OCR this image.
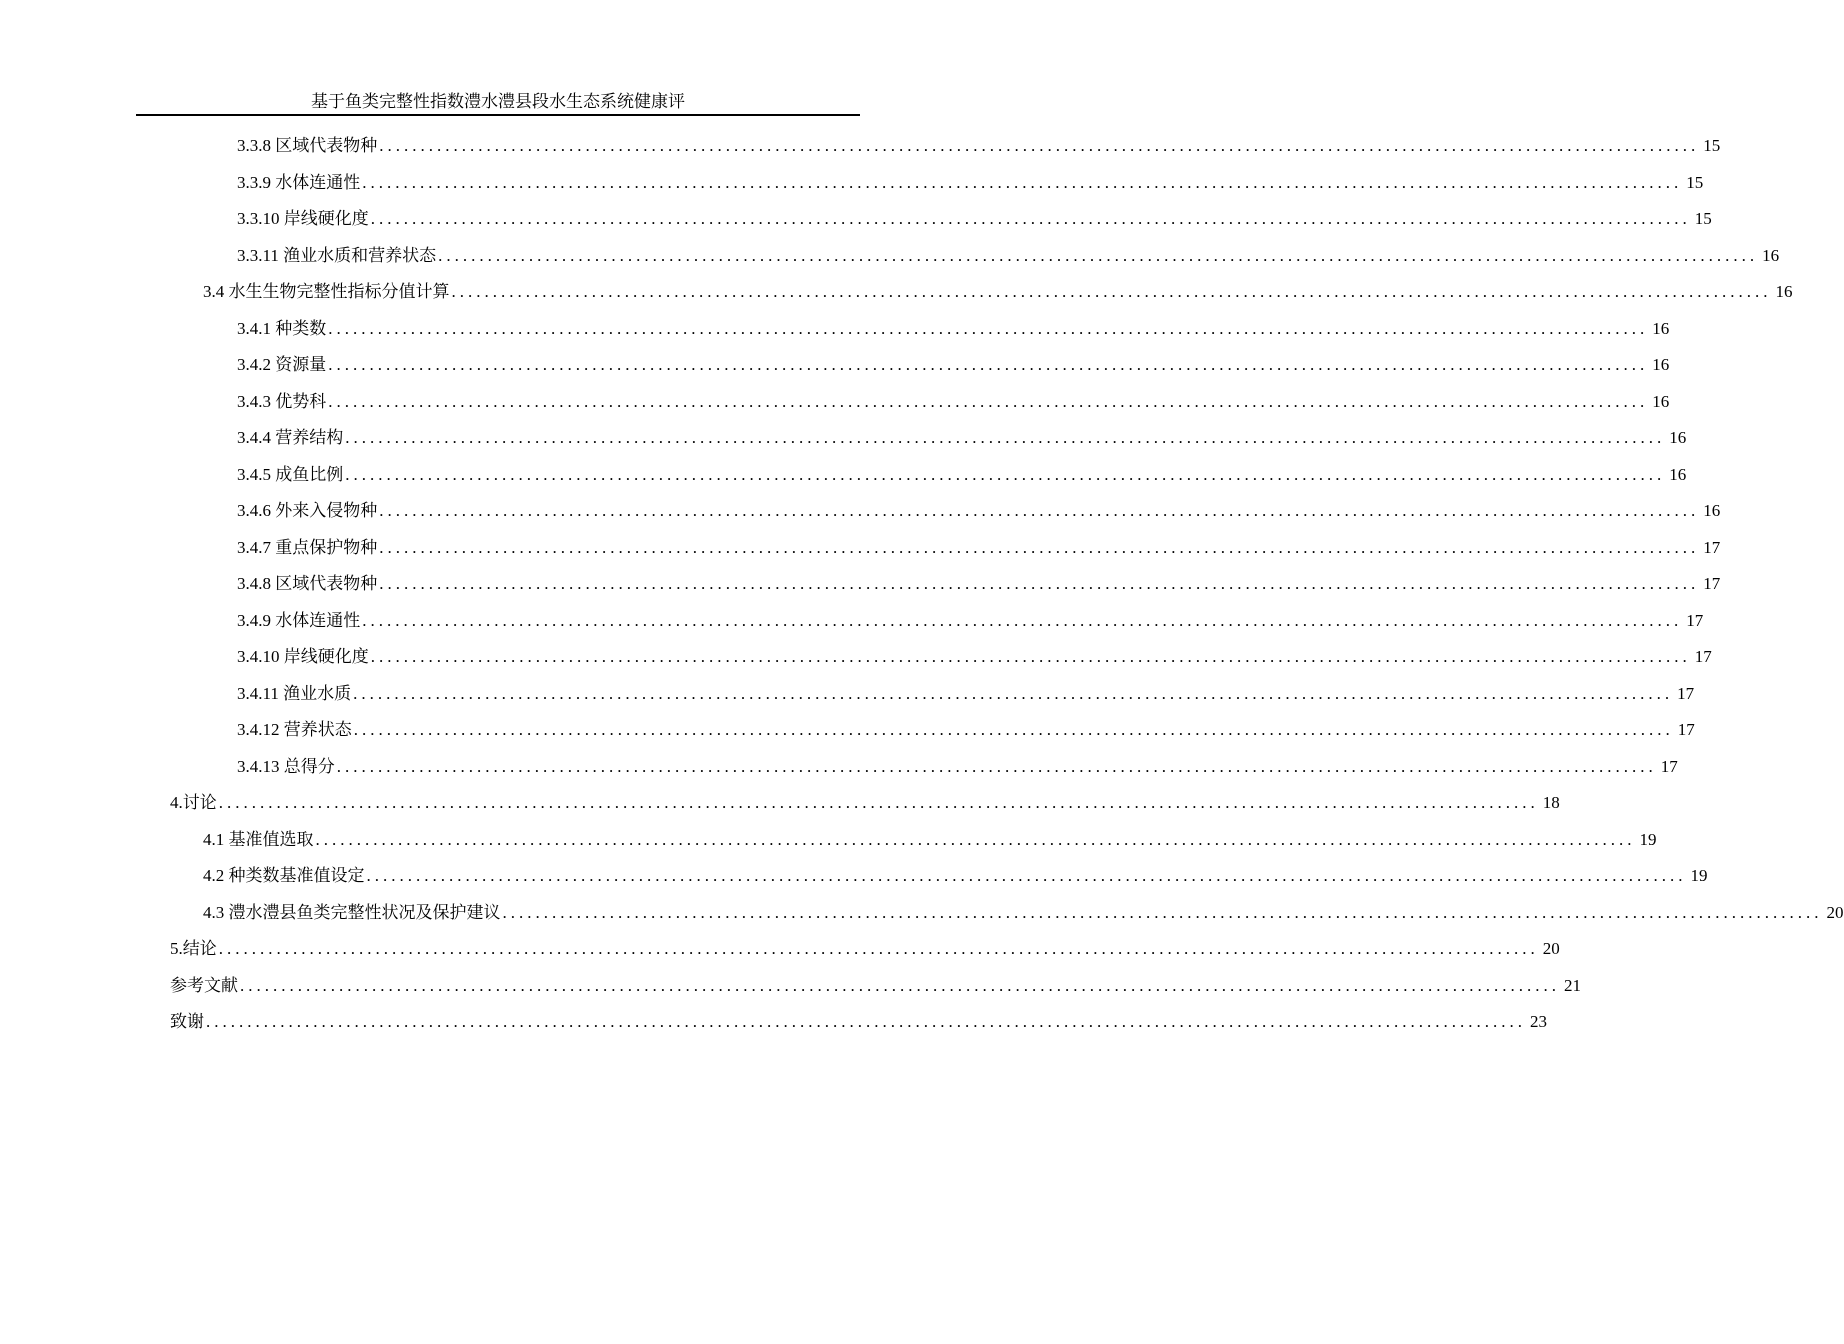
基于鱼类完整性指数澧水澧县段水生态系统健康评
3.3.8 区域代表物种 ................................................................................................................................................................ 15
3.3.9 水体连通性 ................................................................................................................................................................ 15
3.3.10 岸线硬化度 ................................................................................................................................................................ 15
3.3.11 渔业水质和营养状态 ................................................................................................................................................................ 16
3.4 水生生物完整性指标分值计算 ................................................................................................................................................................ 16
3.4.1 种类数 ................................................................................................................................................................ 16
3.4.2 资源量 ................................................................................................................................................................ 16
3.4.3 优势科 ................................................................................................................................................................ 16
3.4.4 营养结构 ................................................................................................................................................................ 16
3.4.5 成鱼比例 ................................................................................................................................................................ 16
3.4.6 外来入侵物种 ................................................................................................................................................................ 16
3.4.7 重点保护物种 ................................................................................................................................................................ 17
3.4.8 区域代表物种 ................................................................................................................................................................ 17
3.4.9 水体连通性 ................................................................................................................................................................ 17
3.4.10 岸线硬化度 ................................................................................................................................................................ 17
3.4.11 渔业水质 ................................................................................................................................................................ 17
3.4.12 营养状态 ................................................................................................................................................................ 17
3.4.13 总得分 ................................................................................................................................................................ 17
4.讨论 ................................................................................................................................................................ 18
4.1 基准值选取 ................................................................................................................................................................ 19
4.2 种类数基准值设定 ................................................................................................................................................................ 19
4.3 澧水澧县鱼类完整性状况及保护建议 ................................................................................................................................................................ 20
5.结论 ................................................................................................................................................................ 20
参考文献 ................................................................................................................................................................ 21
致谢 ................................................................................................................................................................ 23
